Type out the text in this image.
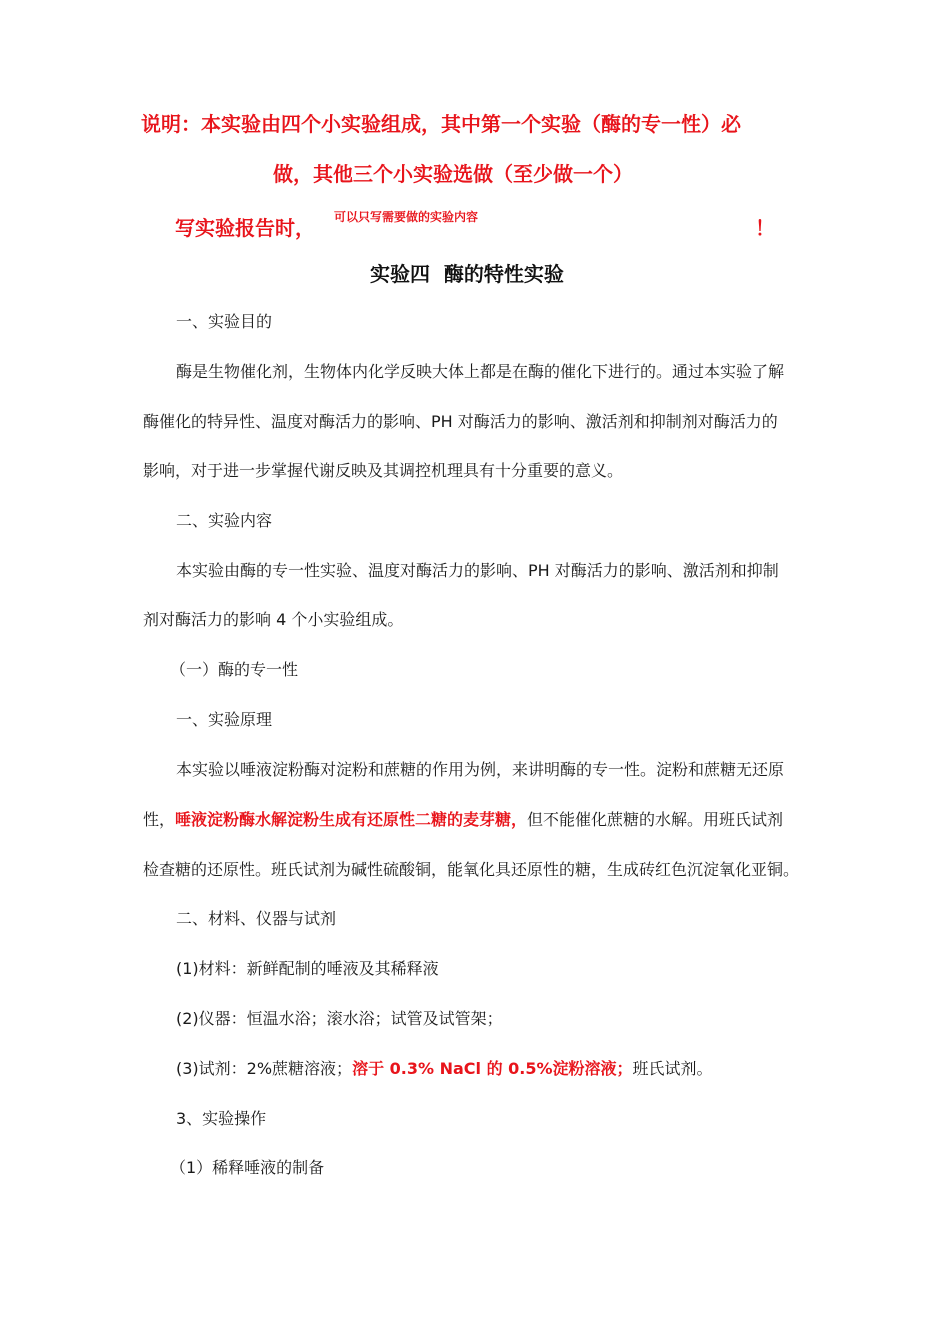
说明：本实验由四个小实验组成，其中第一个实验（酶的专一性）必
做，其他三个小实验选做（至少做一个）
写实验报告时， 可以只写需要做的实验内容	！
实验四  酶的特性实验
一、实验目的
酶是生物催化剂，生物体内化学反映大体上都是在酶的催化下进行的。通过本实验了解
酶催化的特异性、温度对酶活力的影响、PH 对酶活力的影响、激活剂和抑制剂对酶活力的
影响，对于进一步掌握代谢反映及其调控机理具有十分重要的意义。
二、实验内容
本实验由酶的专一性实验、温度对酶活力的影响、PH 对酶活力的影响、激活剂和抑制
剂对酶活力的影响 4 个小实验组成。
（一）酶的专一性
一、实验原理
本实验以唾液淀粉酶对淀粉和蔗糖的作用为例，来讲明酶的专一性。淀粉和蔗糖无还原
性，唾液淀粉酶水解淀粉生成有还原性二糖的麦芽糖，但不能催化蔗糖的水解。用班氏试剂
检查糖的还原性。班氏试剂为碱性硫酸铜，能氧化具还原性的糖，生成砖红色沉淀氧化亚铜。
二、材料、仪器与试剂
(1)材料：新鲜配制的唾液及其稀释液
(2)仪器：恒温水浴；滚水浴；试管及试管架；
(3)试剂：2%蔗糖溶液；溶于 0.3% NaCl 的 0.5%淀粉溶液；班氏试剂。
3、实验操作
（1）稀释唾液的制备
